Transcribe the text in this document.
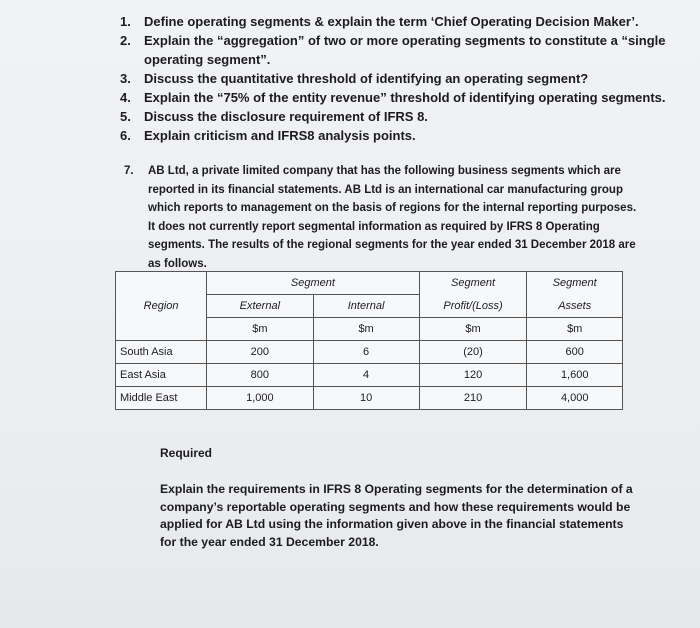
1.	Define operating segments & explain the term ‘Chief Operating Decision Maker’.
2.	Explain the “aggregation” of two or more operating segments to constitute a “single operating segment”.
3.	Discuss the quantitative threshold of identifying an operating segment?
4.	Explain the “75% of the entity revenue” threshold of identifying operating segments.
5.	Discuss the disclosure requirement of IFRS 8.
6.	Explain criticism and IFRS8 analysis points.
7.	AB Ltd, a private limited company that has the following business segments which are reported in its financial statements. AB Ltd is an international car manufacturing group which reports to management on the basis of regions for the internal reporting purposes. It does not currently report segmental information as required by IFRS 8 Operating segments. The results of the regional segments for the year ended 31 December 2018 are as follows.
Region	Segment		Segment	Segment
	External	Internal	Profit/(Loss)	Assets
	$m	$m	$m	$m
South Asia	200	6	(20)	600
East Asia	800	4	120	1,600
Middle East	1,000	10	210	4,000
Required
Explain the requirements in IFRS 8 Operating segments for the determination of a company’s reportable operating segments and how these requirements would be applied for AB Ltd using the information given above in the financial statements for the year ended 31 December 2018.
